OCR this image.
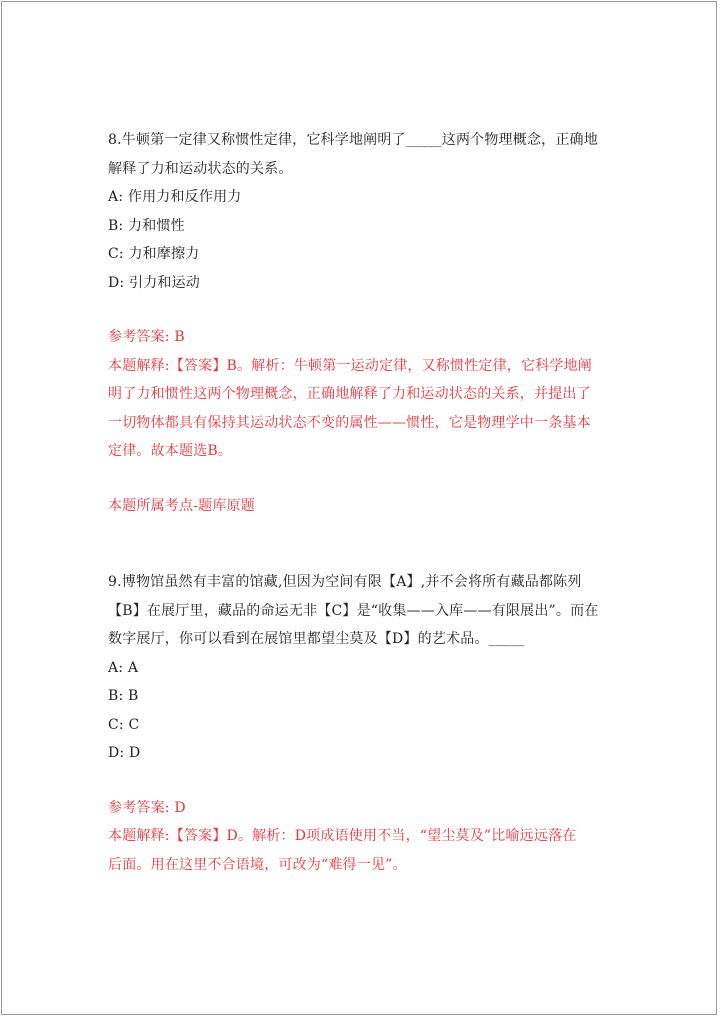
8.牛顿第一定律又称惯性定律，它科学地阐明了_____这两个物理概念，正确地
解释了力和运动状态的关系。
A: 作用力和反作用力
B: 力和惯性
C: 力和摩擦力
D: 引力和运动
参考答案: B
本题解释:【答案】B。解析：牛顿第一运动定律，又称惯性定律，它科学地阐
明了力和惯性这两个物理概念，正确地解释了力和运动状态的关系，并提出了
一切物体都具有保持其运动状态不变的属性——惯性，它是物理学中一条基本
定律。故本题选B。
本题所属考点-题库原题
9.博物馆虽然有丰富的馆藏,但因为空间有限【A】,并不会将所有藏品都陈列
【B】在展厅里，藏品的命运无非【C】是“收集——入库——有限展出”。而在
数字展厅，你可以看到在展馆里都望尘莫及【D】的艺术品。_____
A: A
B: B
C: C
D: D
参考答案: D
本题解释:【答案】D。解析：D项成语使用不当，“望尘莫及”比喻远远落在
后面。用在这里不合语境，可改为“难得一见”。
